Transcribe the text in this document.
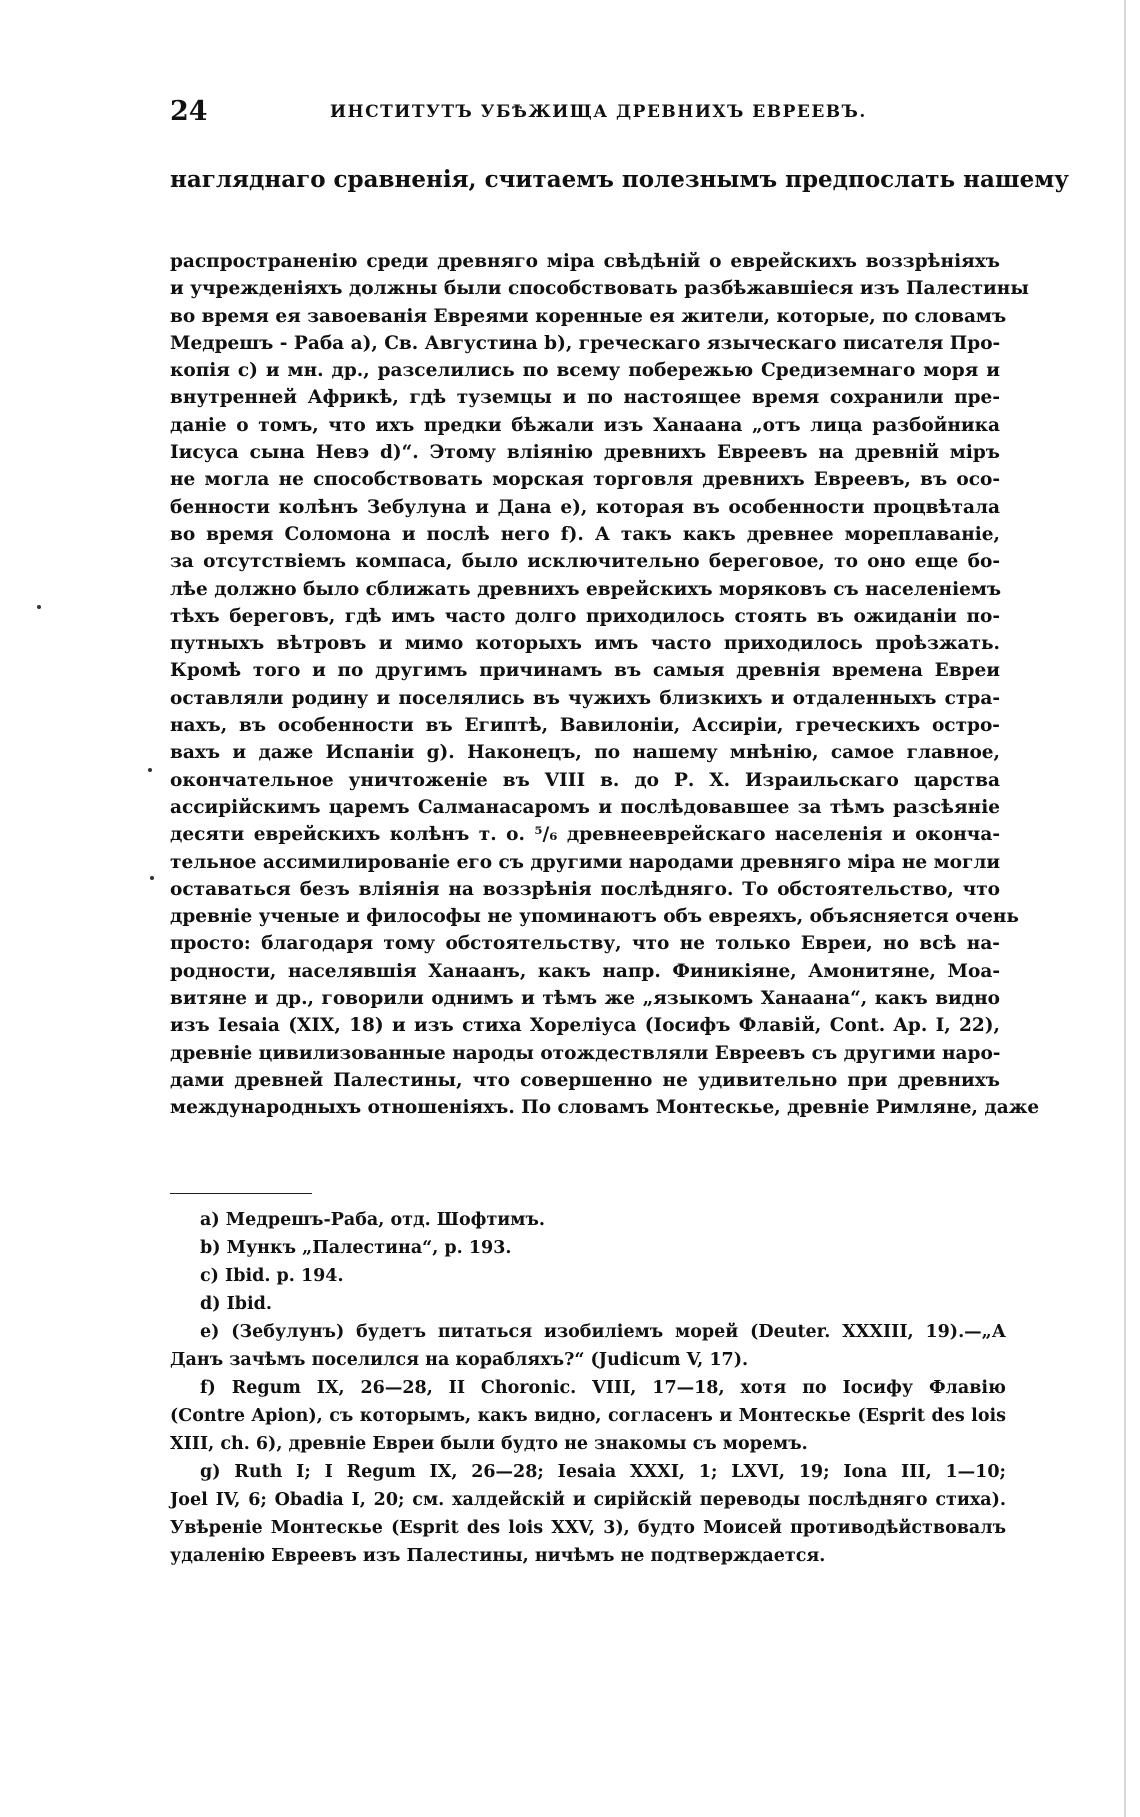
24	ИНСТИТУТЪ УБѢЖИЩА ДРЕВНИХЪ ЕВРЕЕВЪ.
нагляднаго сравненія, считаемъ полезнымъ предпослать нашему
распространенію среди древняго міра свѣдѣній о еврейскихъ воззрѣніяхъ
и учрежденіяхъ должны были способствовать разбѣжавшіеся изъ Палестины
во время ея завоеванія Евреями коренные ея жители, которые, по словамъ
Медрешъ - Раба а), Св. Августина b), греческаго языческаго писателя Про-
копія с) и мн. др., разселились по всему побережью Средиземнаго моря и
внутренней Африкѣ, гдѣ туземцы и по настоящее время сохранили пре-
даніе о томъ, что ихъ предки бѣжали изъ Ханаана „отъ лица разбойника
Іисуса сына Невэ d)“. Этому вліянію древнихъ Евреевъ на древній міръ
не могла не способствовать морская торговля древнихъ Евреевъ, въ осо-
бенности колѣнъ Зебулуна и Дана е), которая въ особенности процвѣтала
во время Соломона и послѣ него f). А такъ какъ древнее мореплаваніе,
за отсутствіемъ компаса, было исключительно береговое, то оно еще бо-
лѣе должно было сближать древнихъ еврейскихъ моряковъ съ населеніемъ
тѣхъ береговъ, гдѣ имъ часто долго приходилось стоять въ ожиданіи по-
путныхъ вѣтровъ и мимо которыхъ имъ часто приходилось проѣзжать.
Кромѣ того и по другимъ причинамъ въ самыя древнія времена Евреи
оставляли родину и поселялись въ чужихъ близкихъ и отдаленныхъ стра-
нахъ, въ особенности въ Египтѣ, Вавилоніи, Ассиріи, греческихъ остро-
вахъ и даже Испаніи g). Наконецъ, по нашему мнѣнію, самое главное,
окончательное уничтоженіе въ VIII в. до Р. Х. Израильскаго царства
ассирійскимъ царемъ Салманасаромъ и послѣдовавшее за тѣмъ разсѣяніе
десяти еврейскихъ колѣнъ т. о. ⁵/₆ древнееврейскаго населенія и оконча-
тельное ассимилированіе его съ другими народами древняго міра не могли
оставаться безъ вліянія на воззрѣнія послѣдняго. То обстоятельство, что
древніе ученые и философы не упоминаютъ объ евреяхъ, объясняется очень
просто: благодаря тому обстоятельству, что не только Евреи, но всѣ на-
родности, населявшія Ханаанъ, какъ напр. Финикіяне, Амонитяне, Моа-
витяне и др., говорили однимъ и тѣмъ же „языкомъ Ханаана“, какъ видно
изъ Iesaia (XIX, 18) и изъ стиха Хореліуса (Іосифъ Флавій, Cont. Ap. I, 22),
древніе цивилизованные народы отождествляли Евреевъ съ другими наро-
дами древней Палестины, что совершенно не удивительно при древнихъ
международныхъ отношеніяхъ. По словамъ Монтескье, древніе Римляне, даже
a) Медрешъ-Раба, отд. Шофтимъ.
b) Мункъ „Палестина“, p. 193.
c) Ibid. p. 194.
d) Ibid.
e) (Зебулунъ) будетъ питаться изобиліемъ морей (Deuter. XXXIII, 19).—„А
Данъ зачѣмъ поселился на корабляхъ?“ (Judicum V, 17).
f) Regum IX, 26—28, II Choronic. VIII, 17—18, хотя по Іосифу Флавію
(Contre Apion), съ которымъ, какъ видно, согласенъ и Монтескье (Esprit des lois
XIII, ch. 6), древніе Евреи были будто не знакомы съ моремъ.
g) Ruth I; I Regum IX, 26—28; Iesaia XXXI, 1; LXVI, 19; Iona III, 1—10;
Joel IV, 6; Obadia I, 20; см. халдейскій и сирійскій переводы послѣдняго стиха).
Увѣреніе Монтескье (Esprit des lois XXV, 3), будто Моисей противодѣйствовалъ
удаленію Евреевъ изъ Палестины, ничѣмъ не подтверждается.
